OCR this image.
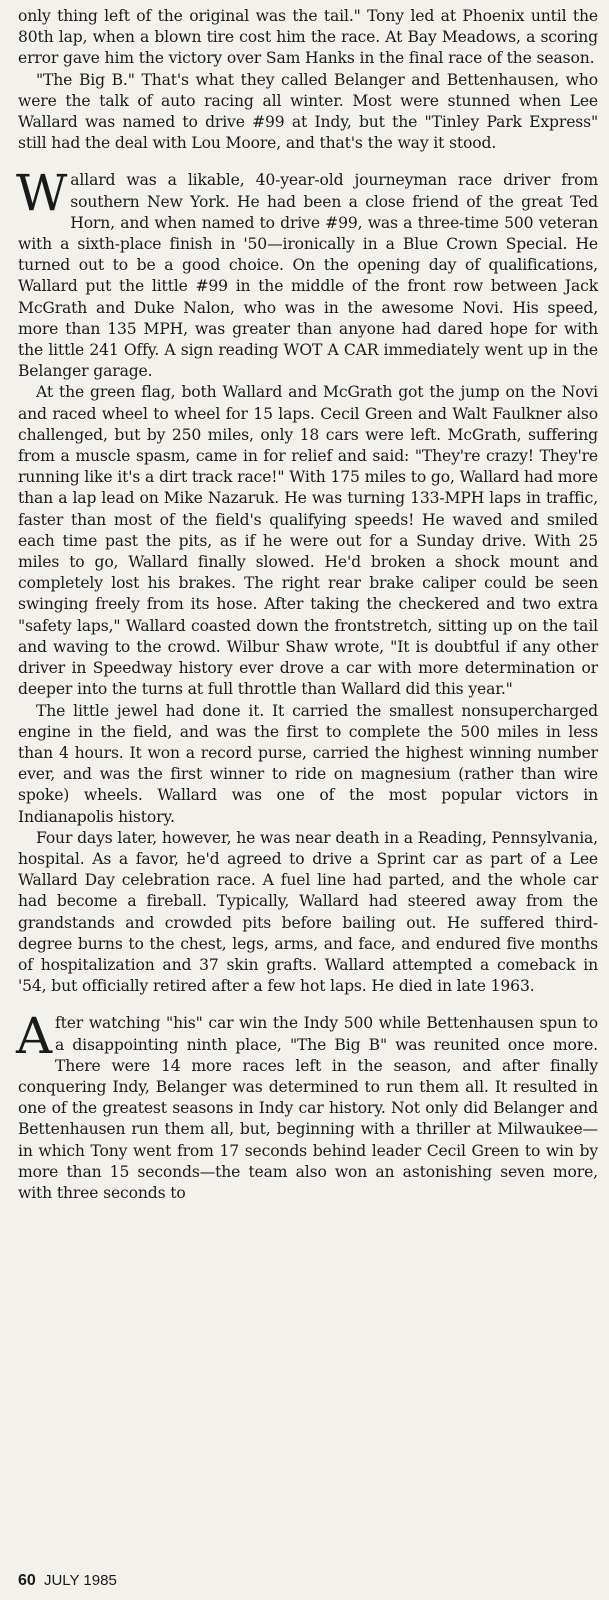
only thing left of the original was the tail." Tony led at Phoenix until the 80th lap, when a blown tire cost him the race. At Bay Meadows, a scoring error gave him the victory over Sam Hanks in the final race of the season.

"The Big B." That's what they called Belanger and Bettenhausen, who were the talk of auto racing all winter. Most were stunned when Lee Wallard was named to drive #99 at Indy, but the "Tinley Park Express" still had the deal with Lou Moore, and that's the way it stood.

Wallard was a likable, 40-year-old journeyman race driver from southern New York. He had been a close friend of the great Ted Horn, and when named to drive #99, was a three-time 500 veteran with a sixth-place finish in '50—ironically in a Blue Crown Special. He turned out to be a good choice. On the opening day of qualifications, Wallard put the little #99 in the middle of the front row between Jack McGrath and Duke Nalon, who was in the awesome Novi. His speed, more than 135 MPH, was greater than anyone had dared hope for with the little 241 Offy. A sign reading WOT A CAR immediately went up in the Belanger garage.

At the green flag, both Wallard and McGrath got the jump on the Novi and raced wheel to wheel for 15 laps. Cecil Green and Walt Faulkner also challenged, but by 250 miles, only 18 cars were left. McGrath, suffering from a muscle spasm, came in for relief and said: "They're crazy! They're running like it's a dirt track race!" With 175 miles to go, Wallard had more than a lap lead on Mike Nazaruk. He was turning 133-MPH laps in traffic, faster than most of the field's qualifying speeds! He waved and smiled each time past the pits, as if he were out for a Sunday drive. With 25 miles to go, Wallard finally slowed. He'd broken a shock mount and completely lost his brakes. The right rear brake caliper could be seen swinging freely from its hose. After taking the checkered and two extra "safety laps," Wallard coasted down the frontstretch, sitting up on the tail and waving to the crowd. Wilbur Shaw wrote, "It is doubtful if any other driver in Speedway history ever drove a car with more determination or deeper into the turns at full throttle than Wallard did this year."

The little jewel had done it. It carried the smallest nonsupercharged engine in the field, and was the first to complete the 500 miles in less than 4 hours. It won a record purse, carried the highest winning number ever, and was the first winner to ride on magnesium (rather than wire spoke) wheels. Wallard was one of the most popular victors in Indianapolis history.

Four days later, however, he was near death in a Reading, Pennsylvania, hospital. As a favor, he'd agreed to drive a Sprint car as part of a Lee Wallard Day celebration race. A fuel line had parted, and the whole car had become a fireball. Typically, Wallard had steered away from the grandstands and crowded pits before bailing out. He suffered third-degree burns to the chest, legs, arms, and face, and endured five months of hospitalization and 37 skin grafts. Wallard attempted a comeback in '54, but officially retired after a few hot laps. He died in late 1963.

After watching "his" car win the Indy 500 while Bettenhausen spun to a disappointing ninth place, "The Big B" was reunited once more. There were 14 more races left in the season, and after finally conquering Indy, Belanger was determined to run them all. It resulted in one of the greatest seasons in Indy car history. Not only did Belanger and Bettenhausen run them all, but, beginning with a thriller at Milwaukee—in which Tony went from 17 seconds behind leader Cecil Green to win by more than 15 seconds—the team also won an astonishing seven more, with three seconds to

60 JULY 1985
